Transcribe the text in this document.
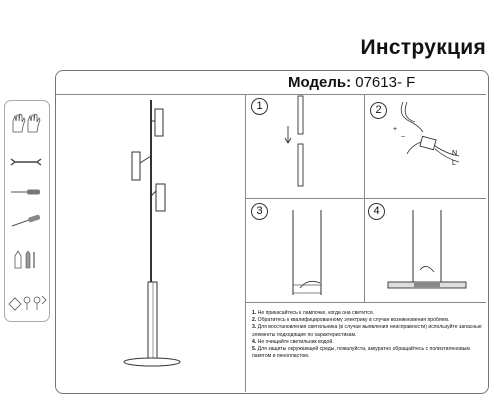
Инструкция
Модель: 07613- F
1	2
N
L
+
−
3	4
1. Не прикасайтесь к лампочке, когда она светится.
2. Обратитесь к квалифицированному электрику в случае возникновения проблем.
3. Для восстановления светильника (в случае выявления неисправности) используйте запасные
элементы подходящие по характеристикам.
4. Не очищайте светильник водой.
5. Для защиты окружающей среды, пожалуйста, аккуратно обращайтесь с полиэтиленовым
пакетом и пенопластом.
